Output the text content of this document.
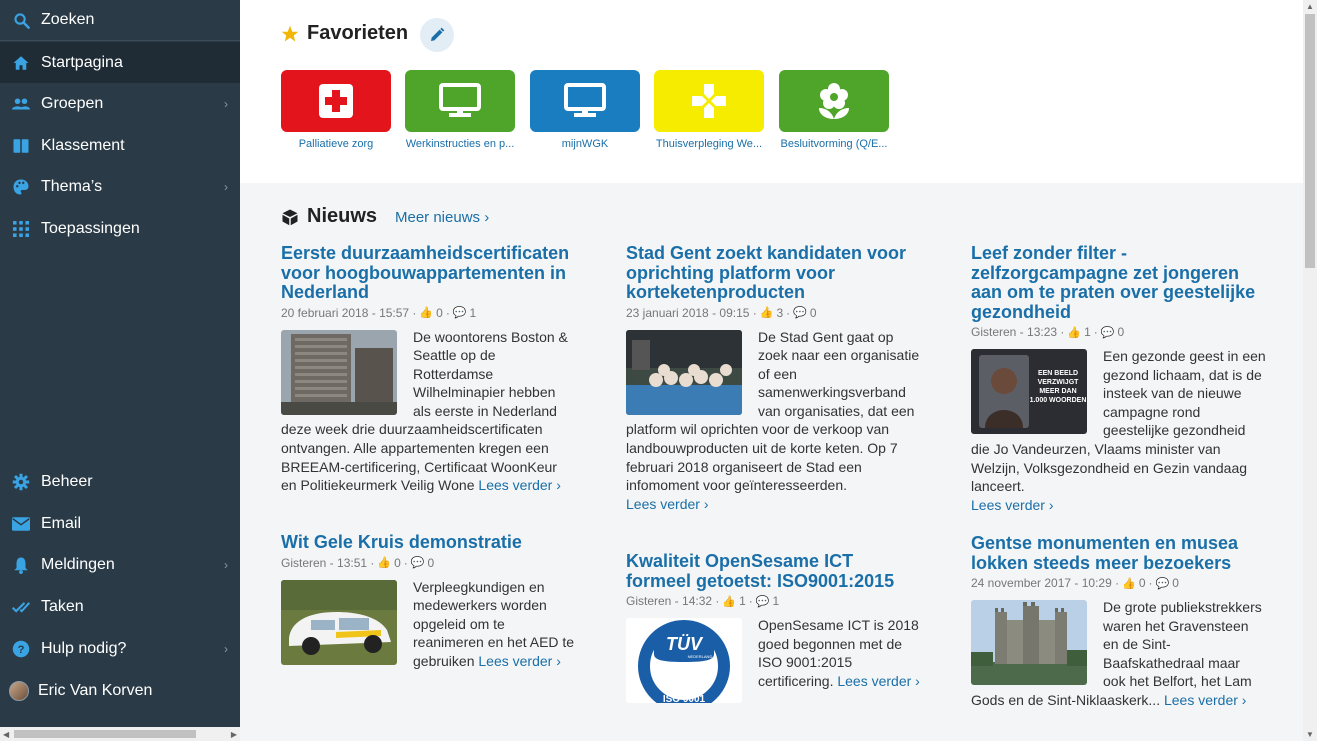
Zoeken
Startpagina
Groepen	›
Klassement
Thema’s	›
Toepassingen
Beheer
Email
Meldingen	›
Taken
? Hulp nodig?	›
Eric Van Korven
◀	▶
Favorieten
Palliatieve zorg	Werkinstructies en p...	mijnWGK	Thuisverpleging We... Besluitvorming (Q/E...
Nieuws Meer nieuws ›
Eerste duurzaamheidscertificaten voor hoogbouwappartementen in Nederland
20 februari 2018 - 15:57 · 👍 0 · 💬 1
De woontorens Boston & Seattle op de Rotterdamse Wilhelminapier hebben als eerste in Nederland deze week drie duurzaamheidscertificaten ontvangen. Alle appartementen kregen een BREEAM-certificering, Certificaat WoonKeur en Politiekeurmerk Veilig Wone Lees verder ›
Stad Gent zoekt kandidaten voor oprichting platform voor korteketenproducten
23 januari 2018 - 09:15 · 👍 3 · 💬 0
De Stad Gent gaat op zoek naar een organisatie of een samenwerkingsverband van organisaties, dat een platform wil oprichten voor de verkoop van landbouwproducten uit de korte keten. Op 7 februari 2018 organiseert de Stad een infomoment voor geïnteresseerden.
Lees verder ›
Leef zonder filter - zelfzorgcampagne zet jongeren aan om te praten over geestelijke gezondheid
Gisteren - 13:23 · 👍 1 · 💬 0
EEN BEELD
VERZWIJGT
MEER DAN
1.000 WOORDEN
Een gezonde geest in een gezond lichaam, dat is de insteek van de nieuwe campagne rond geestelijke gezondheid die Jo Vandeurzen, Vlaams minister van Welzijn, Volksgezondheid en Gezin vandaag lanceert.
Lees verder ›
Wit Gele Kruis demonstratie
Gisteren - 13:51 · 👍 0 · 💬 0
Verpleegkundigen en medewerkers worden opgeleid om te reanimeren en het AED te gebruiken Lees verder ›
Kwaliteit OpenSesame ICT formeel getoetst: ISO9001:2015
Gisteren - 14:32 · 👍 1 · 💬 1
TÜV
NEDERLAND
ISO 9001
OpenSesame ICT is 2018 goed begonnen met de ISO 9001:2015 certificering. Lees verder ›
Gentse monumenten en musea lokken steeds meer bezoekers
24 november 2017 - 10:29 · 👍 0 · 💬 0
De grote publiekstrekkers waren het Gravensteen en de Sint-Baafskathedraal maar ook het Belfort, het Lam Gods en de Sint-Niklaaskerk... Lees verder ›
▲
▼
